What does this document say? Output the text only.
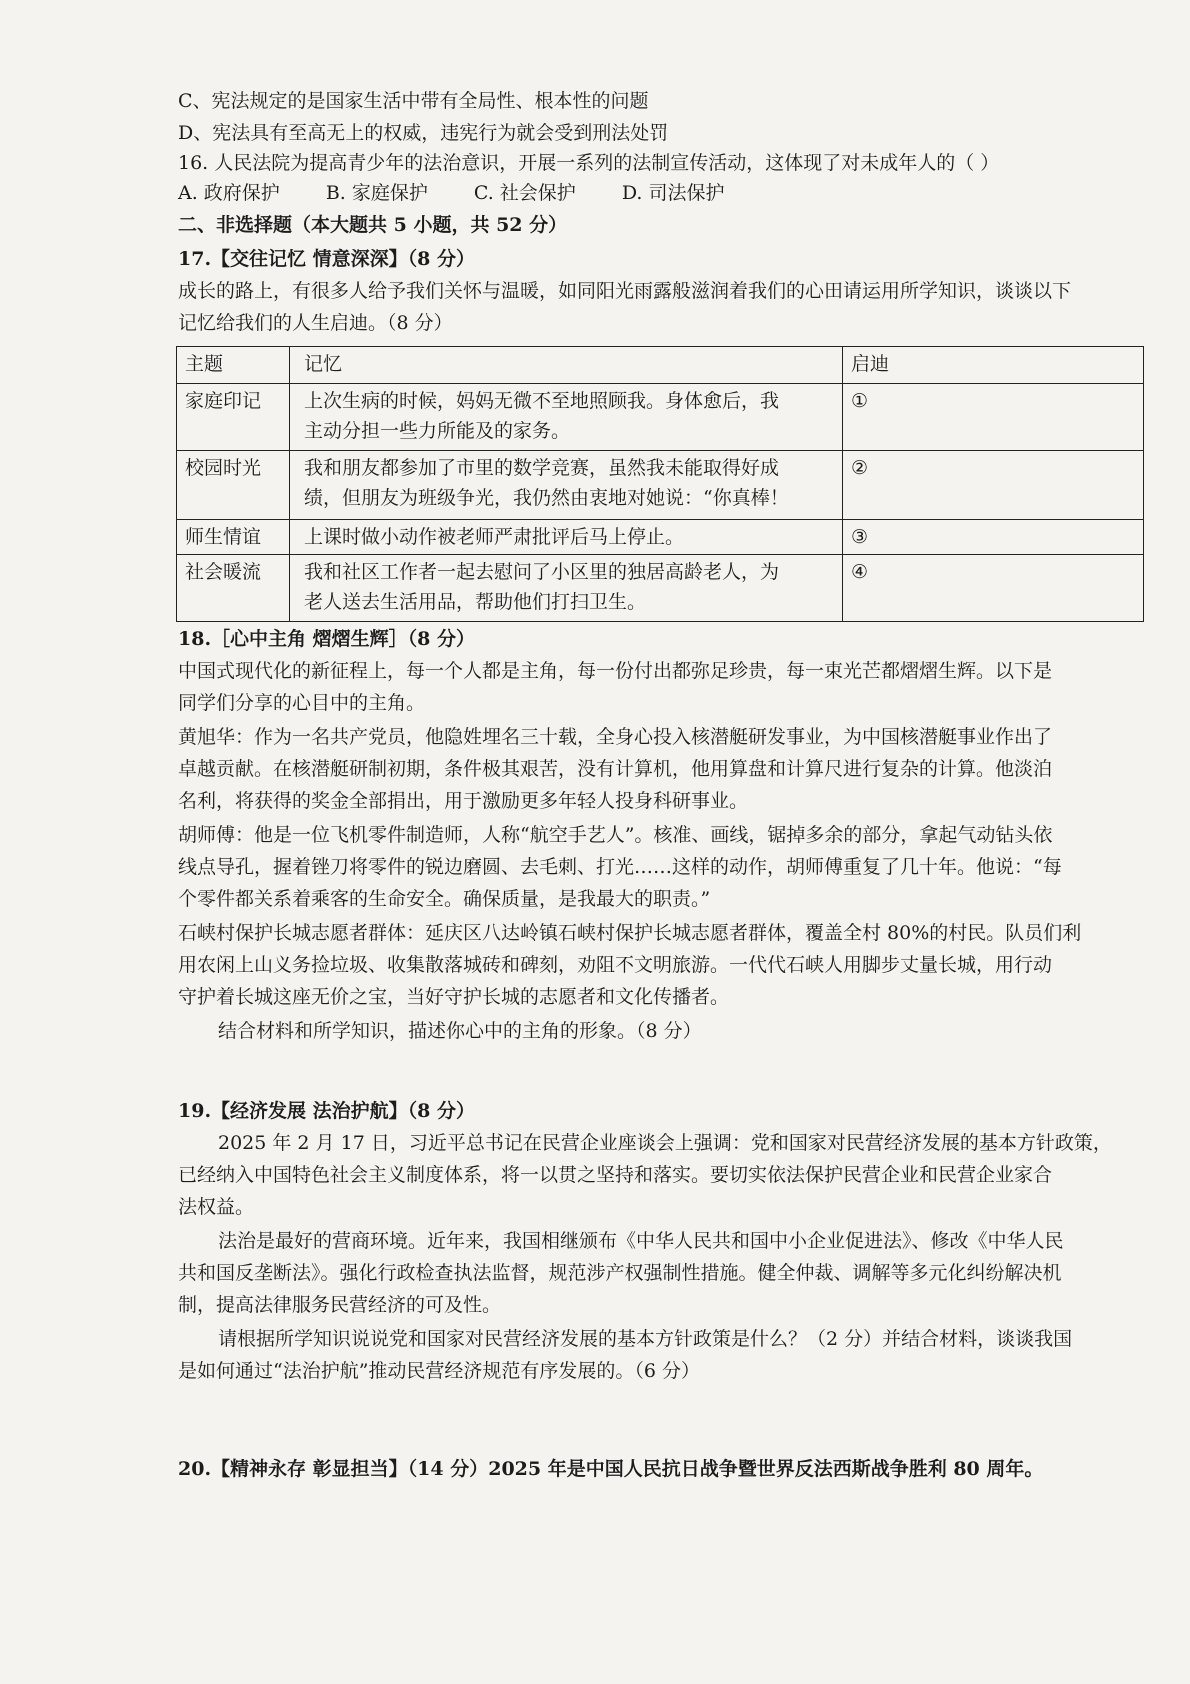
C、宪法规定的是国家生活中带有全局性、根本性的问题
D、宪法具有至高无上的权威，违宪行为就会受到刑法处罚
16. 人民法院为提高青少年的法治意识，开展一系列的法制宣传活动，这体现了对未成年人的（ ）
A. 政府保护 B. 家庭保护 C. 社会保护 D. 司法保护
二、非选择题（本大题共 5 小题，共 52 分）
17.【交往记忆 情意深深】（8 分）
成长的路上，有很多人给予我们关怀与温暖，如同阳光雨露般滋润着我们的心田请运用所学知识，谈谈以下
记忆给我们的人生启迪。（8 分）
主题	记忆	启迪
家庭印记	上次生病的时候，妈妈无微不至地照顾我。身体愈后，我
主动分担一些力所能及的家务。	①
校园时光	我和朋友都参加了市里的数学竞赛，虽然我未能取得好成
绩，但朋友为班级争光，我仍然由衷地对她说：“你真棒！	②
师生情谊	上课时做小动作被老师严肃批评后马上停止。	③
社会暖流	我和社区工作者一起去慰问了小区里的独居高龄老人，为
老人送去生活用品，帮助他们打扫卫生。	④
18.［心中主角 熠熠生辉］（8 分）
中国式现代化的新征程上，每一个人都是主角，每一份付出都弥足珍贵，每一束光芒都熠熠生辉。以下是
同学们分享的心目中的主角。
黄旭华：作为一名共产党员，他隐姓埋名三十载，全身心投入核潜艇研发事业，为中国核潜艇事业作出了
卓越贡献。在核潜艇研制初期，条件极其艰苦，没有计算机，他用算盘和计算尺进行复杂的计算。他淡泊
名利，将获得的奖金全部捐出，用于激励更多年轻人投身科研事业。
胡师傅：他是一位飞机零件制造师，人称“航空手艺人”。核准、画线，锯掉多余的部分，拿起气动钻头依
线点导孔，握着锉刀将零件的锐边磨圆、去毛刺、打光……这样的动作，胡师傅重复了几十年。他说：“每
个零件都关系着乘客的生命安全。确保质量，是我最大的职责。”
石峡村保护长城志愿者群体：延庆区八达岭镇石峡村保护长城志愿者群体，覆盖全村 80%的村民。队员们利
用农闲上山义务捡垃圾、收集散落城砖和碑刻，劝阻不文明旅游。一代代石峡人用脚步丈量长城，用行动
守护着长城这座无价之宝，当好守护长城的志愿者和文化传播者。
结合材料和所学知识，描述你心中的主角的形象。（8 分）
19.【经济发展 法治护航】（8 分）
2025 年 2 月 17 日，习近平总书记在民营企业座谈会上强调：党和国家对民营经济发展的基本方针政策，
已经纳入中国特色社会主义制度体系，将一以贯之坚持和落实。要切实依法保护民营企业和民营企业家合
法权益。
法治是最好的营商环境。近年来，我国相继颁布《中华人民共和国中小企业促进法》、修改《中华人民
共和国反垄断法》。强化行政检查执法监督，规范涉产权强制性措施。健全仲裁、调解等多元化纠纷解决机
制，提高法律服务民营经济的可及性。
请根据所学知识说说党和国家对民营经济发展的基本方针政策是什么？（2 分）并结合材料，谈谈我国
是如何通过“法治护航”推动民营经济规范有序发展的。（6 分）
20.【精神永存 彰显担当】（14 分）2025 年是中国人民抗日战争暨世界反法西斯战争胜利 80 周年。
